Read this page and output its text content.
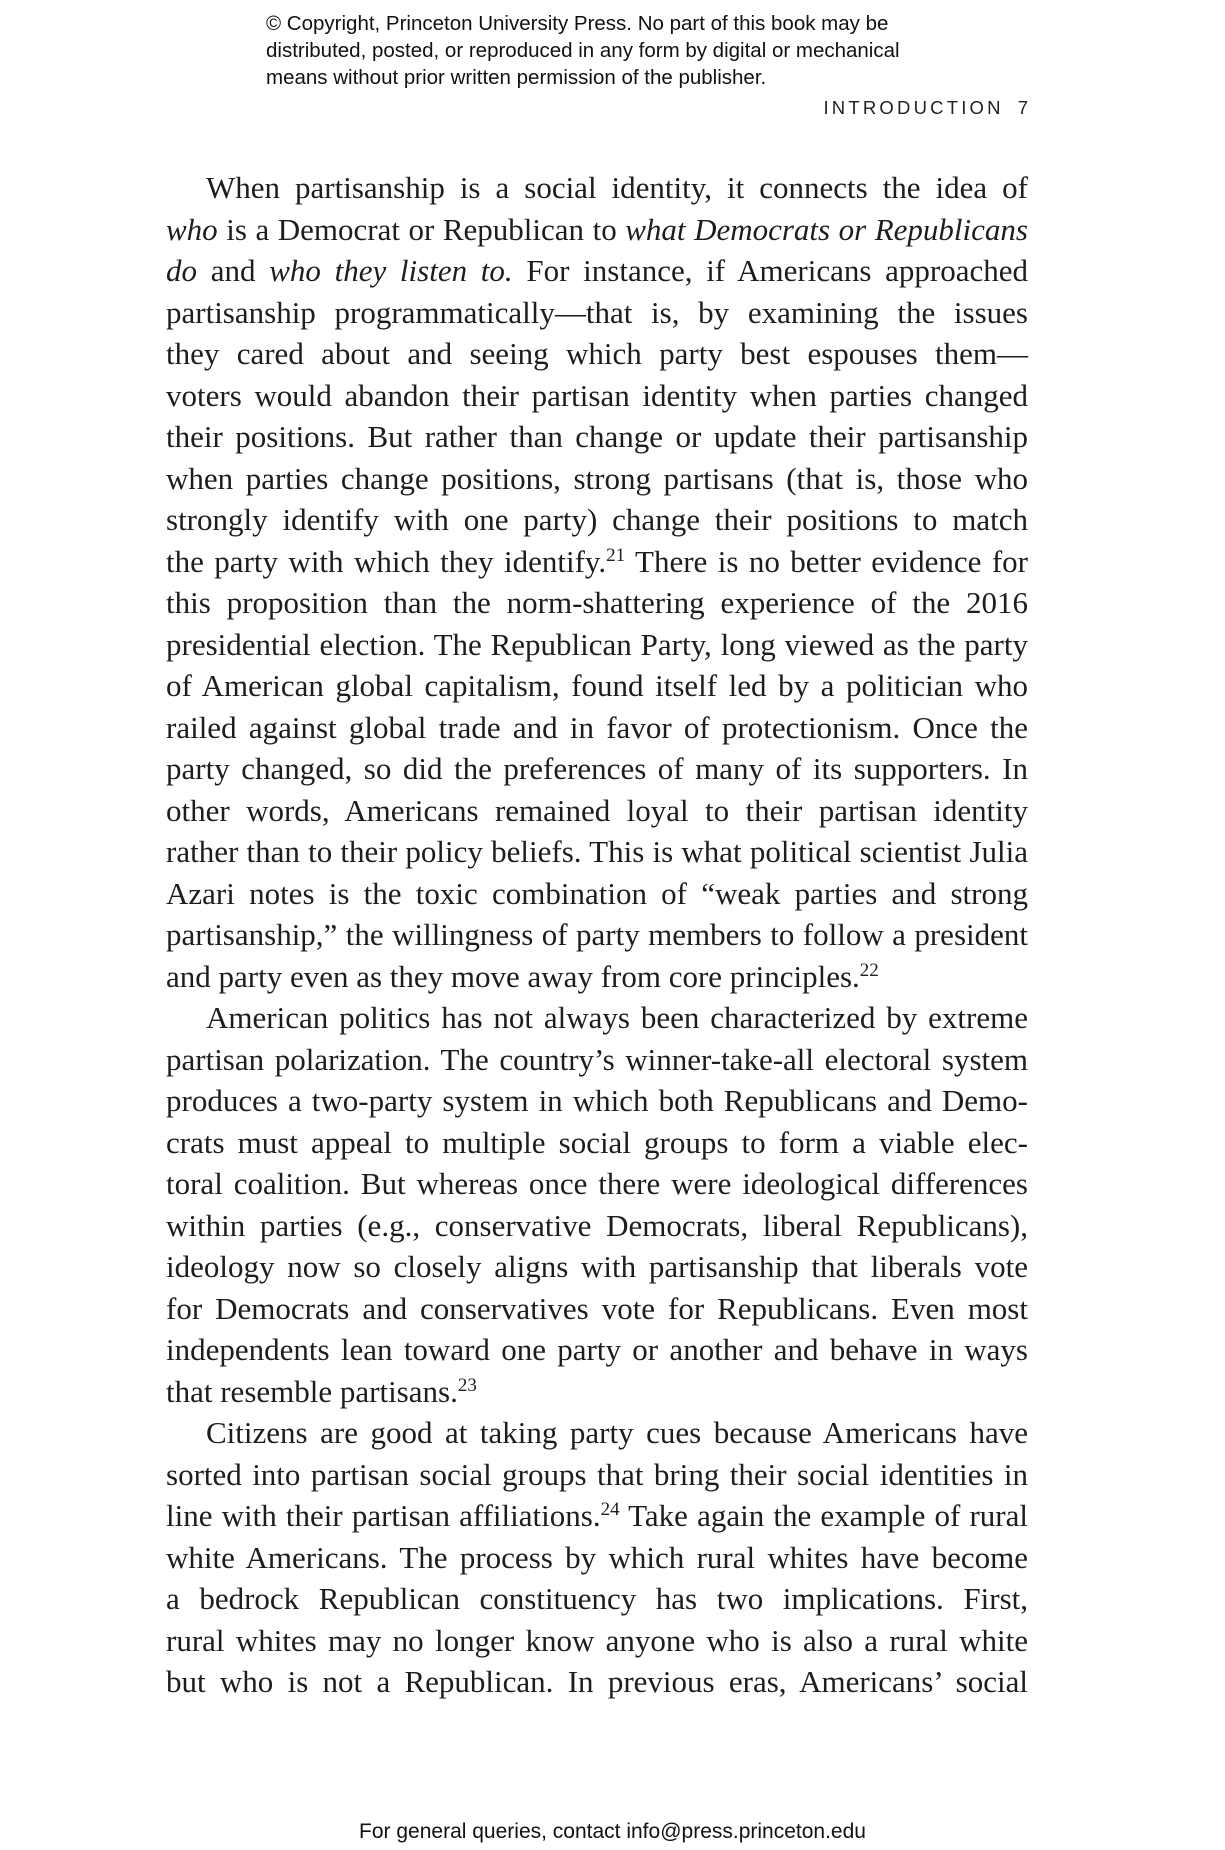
© Copyright, Princeton University Press. No part of this book may be
distributed, posted, or reproduced in any form by digital or mechanical
means without prior written permission of the publisher.
INTRODUCTION 7
When partisanship is a social identity, it connects the idea of
who is a Democrat or Republican to what Democrats or Republicans
do and who they listen to. For instance, if Americans approached
partisanship programmatically—that is, by examining the issues
they cared about and seeing which party best espouses them—
voters would abandon their partisan identity when parties changed
their positions. But rather than change or update their partisanship
when parties change positions, strong partisans (that is, those who
strongly identify with one party) change their positions to match
the party with which they identify.$^{21}$ There is no better evidence for
this proposition than the norm-shattering experience of the 2016
presidential election. The Republican Party, long viewed as the party
of American global capitalism, found itself led by a politician who
railed against global trade and in favor of protectionism. Once the
party changed, so did the preferences of many of its supporters. In
other words, Americans remained loyal to their partisan identity
rather than to their policy beliefs. This is what political scientist Julia
Azari notes is the toxic combination of “weak parties and strong
partisanship,” the willingness of party members to follow a president
and party even as they move away from core principles.$^{22}$
American politics has not always been characterized by extreme
partisan polarization. The country’s winner-take-all electoral system
produces a two-party system in which both Republicans and Demo-
crats must appeal to multiple social groups to form a viable elec-
toral coalition. But whereas once there were ideological differences
within parties (e.g., conservative Democrats, liberal Republicans),
ideology now so closely aligns with partisanship that liberals vote
for Democrats and conservatives vote for Republicans. Even most
independents lean toward one party or another and behave in ways
that resemble partisans.$^{23}$
Citizens are good at taking party cues because Americans have
sorted into partisan social groups that bring their social identities in
line with their partisan affiliations.$^{24}$ Take again the example of rural
white Americans. The process by which rural whites have become
a bedrock Republican constituency has two implications. First,
rural whites may no longer know anyone who is also a rural white
but who is not a Republican. In previous eras, Americans’ social
For general queries, contact info@press.princeton.edu
